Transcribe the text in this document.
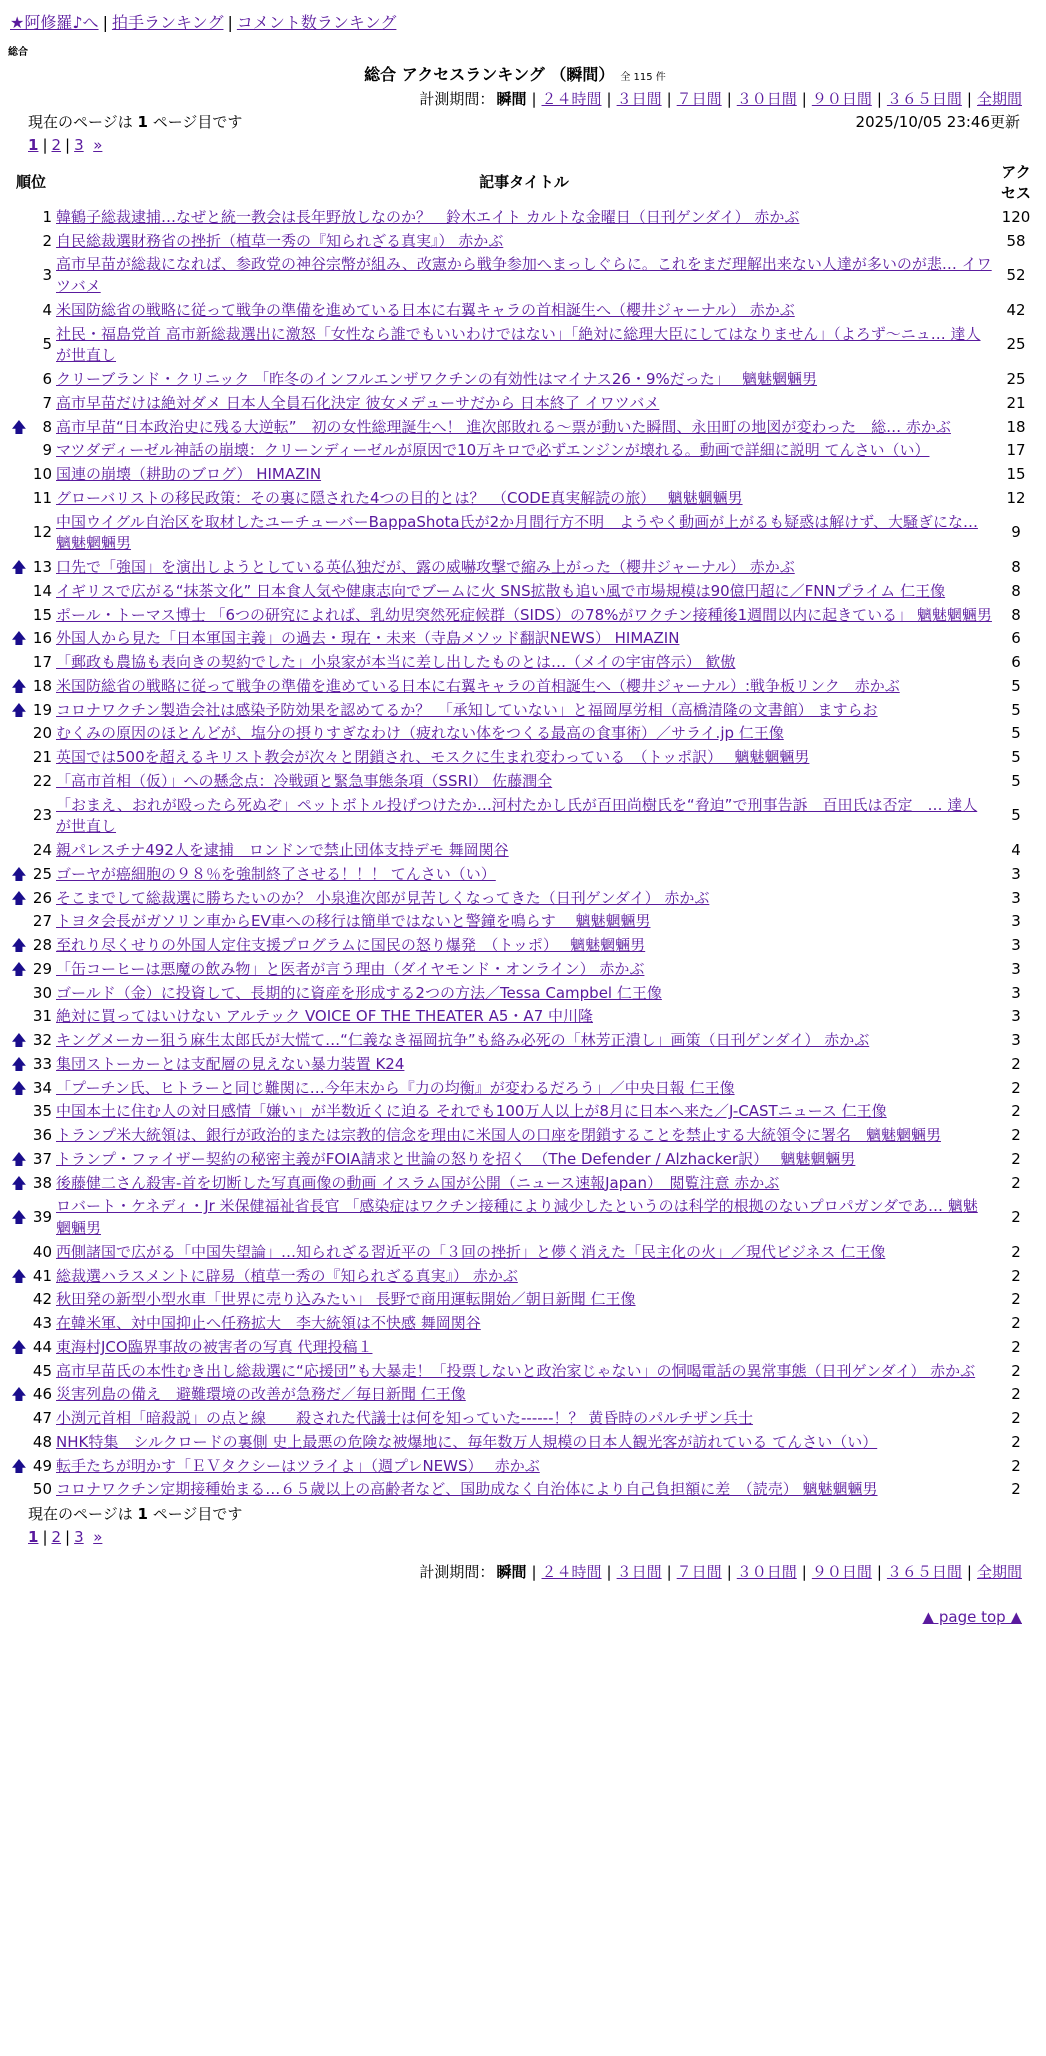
★阿修羅♪へ | 拍手ランキング | コメント数ランキング
総合
総合 アクセスランキング （瞬間） 全 115 件
計測期間： 瞬間 | ２４時間 | ３日間 | ７日間 | ３０日間 | ９０日間 | ３６５日間 | 全期間
現在のページは 1 ページ目です	2025/10/05 23:46更新
1 | 2 | 3 »
順位		記事タイトル	アクセス
	1	韓鶴子総裁逮捕…なぜと統一教会は長年野放しなのか？　鈴木エイト カルトな金曜日（日刊ゲンダイ） 赤かぶ	120
	2	自民総裁選財務省の挫折（植草一秀の『知られざる真実』） 赤かぶ	58
	3	高市早苗が総裁になれば、参政党の神谷宗幣が組み、改憲から戦争参加へまっしぐらに。これをまだ理解出来ない人達が多いのが悲… イワツバメ	52
	4	米国防総省の戦略に従って戦争の準備を進めている日本に右翼キャラの首相誕生へ（櫻井ジャーナル） 赤かぶ	42
	5	社民・福島党首 高市新総裁選出に激怒「女性なら誰でもいいわけではない」「絶対に総理大臣にしてはなりません」（よろず〜ニュ… 達人が世直し	25
	6	クリーブランド・クリニック 「昨冬のインフルエンザワクチンの有効性はマイナス26・9%だった」　 魑魅魍魎男	25
	7	高市早苗だけは絶対ダメ 日本人全員石化決定 彼女メデューサだから 日本終了 イワツバメ	21
🡅	8	高市早苗“日本政治史に残る大逆転”　初の女性総理誕生へ！ 進次郎敗れる〜票が動いた瞬間、永田町の地図が変わった　総… 赤かぶ	18
	9	マツダディーゼル神話の崩壊：クリーンディーゼルが原因で10万キロで必ずエンジンが壊れる。動画で詳細に説明 てんさい（い）	17
	10	国連の崩壊（耕助のブログ） HIMAZIN	15
	11	グローバリストの移民政策：その裏に隠された4つの目的とは？　（CODE真実解読の旅）　 魑魅魍魎男	12
	12	中国ウイグル自治区を取材したユーチューバーBappaShota氏が2か月間行方不明　ようやく動画が上がるも疑惑は解けず、大騒ぎにな… 魑魅魍魎男	9
🡅	13	口先で「強国」を演出しようとしている英仏独だが、露の威嚇攻撃で縮み上がった（櫻井ジャーナル） 赤かぶ	8
	14	イギリスで広がる“抹茶文化” 日本食人気や健康志向でブームに火 SNS拡散も追い風で市場規模は90億円超に／FNNプライム 仁王像	8
	15	ポール・トーマス博士 「6つの研究によれば、乳幼児突然死症候群（SIDS）の78%がワクチン接種後1週間以内に起きている」 魑魅魍魎男	8
🡅	16	外国人から見た「日本軍国主義」の過去・現在・未来（寺島メソッド翻訳NEWS） HIMAZIN	6
	17	「郵政も農協も表向きの契約でした」小泉家が本当に差し出したものとは…（メイの宇宙啓示） 歓傲	6
🡅	18	米国防総省の戦略に従って戦争の準備を進めている日本に右翼キャラの首相誕生へ（櫻井ジャーナル）:戦争板リンク　赤かぶ	5
🡅	19	コロナワクチン製造会社は感染予防効果を認めてるか？　「承知していない」と福岡厚労相（高橋清隆の文書館） ますらお	5
	20	むくみの原因のほとんどが、塩分の摂りすぎなわけ（疲れない体をつくる最高の食事術）／サライ.jp 仁王像	5
	21	英国では500を超えるキリスト教会が次々と閉鎖され、モスクに生まれ変わっている　（トッポ訳）　 魑魅魍魎男	5
	22	「高市首相（仮）」への懸念点：冷戦頭と緊急事態条項（SSRI） 佐藤潤全	5
	23	「おまえ、おれが殴ったら死ぬぞ」ペットボトル投げつけたか…河村たかし氏が百田尚樹氏を“脅迫”で刑事告訴　百田氏は否定　… 達人が世直し	5
	24	親パレスチナ492人を逮捕　ロンドンで禁止団体支持デモ 舞岡関谷	4
🡅	25	ゴーヤが癌細胞の９８％を強制終了させる！！！ てんさい（い）	3
🡅	26	そこまでして総裁選に勝ちたいのか？ 小泉進次郎が見苦しくなってきた（日刊ゲンダイ） 赤かぶ	3
	27	トヨタ会長がガソリン車からEV車への移行は簡単ではないと警鐘を鳴らす　 魑魅魍魎男	3
🡅	28	至れり尽くせりの外国人定住支援プログラムに国民の怒り爆発　（トッポ）　 魑魅魍魎男	3
🡅	29	「缶コーヒーは悪魔の飲み物」と医者が言う理由（ダイヤモンド・オンライン） 赤かぶ	3
	30	ゴールド（金）に投資して、長期的に資産を形成する2つの方法／Tessa Campbel 仁王像	3
	31	絶対に買ってはいけない アルテック VOICE OF THE THEATER A5・A7 中川隆	3
🡅	32	キングメーカー狙う麻生太郎氏が大慌て…“仁義なき福岡抗争”も絡み必死の「林芳正潰し」画策（日刊ゲンダイ） 赤かぶ	3
🡅	33	集団ストーカーとは支配層の見えない暴力装置 K24	2
🡅	34	「プーチン氏、ヒトラーと同じ難関に…今年末から『力の均衡』が変わるだろう」／中央日報 仁王像	2
	35	中国本土に住む人の対日感情「嫌い」が半数近くに迫る それでも100万人以上が8月に日本へ来た／J-CASTニュース 仁王像	2
	36	トランプ米大統領は、銀行が政治的または宗教的信念を理由に米国人の口座を閉鎖することを禁止する大統領令に署名　魑魅魍魎男	2
🡅	37	トランプ・ファイザー契約の秘密主義がFOIA請求と世論の怒りを招く　（The Defender / Alzhacker訳）　 魑魅魍魎男	2
🡅	38	後藤健二さん殺害-首を切断した写真画像の動画 イスラム国が公開（ニュース速報Japan）　閲覧注意 赤かぶ	2
🡅	39	ロバート・ケネディ・Jr 米保健福祉省長官 「感染症はワクチン接種により減少したというのは科学的根拠のないプロパガンダであ… 魑魅魍魎男	2
	40	西側諸国で広がる「中国失望論」…知られざる習近平の「３回の挫折」と儚く消えた「民主化の火」／現代ビジネス 仁王像	2
🡅	41	総裁選ハラスメントに辟易（植草一秀の『知られざる真実』） 赤かぶ	2
	42	秋田発の新型小型水車「世界に売り込みたい」 長野で商用運転開始／朝日新聞 仁王像	2
	43	在韓米軍、対中国抑止へ任務拡大　李大統領は不快感 舞岡関谷	2
🡅	44	東海村JCO臨界事故の被害者の写真 代理投稿１	2
	45	高市早苗氏の本性むき出し総裁選に“応援団”も大暴走！「投票しないと政治家じゃない」の恫喝電話の異常事態（日刊ゲンダイ） 赤かぶ	2
🡅	46	災害列島の備え　避難環境の改善が急務だ／毎日新聞 仁王像	2
	47	小渕元首相「暗殺説」の点と線　　殺された代議士は何を知っていた------！？ 黄昏時のパルチザン兵士	2
	48	NHK特集　シルクロードの裏側 史上最悪の危険な被爆地に、毎年数万人規模の日本人観光客が訪れている てんさい（い）	2
🡅	49	転手たちが明かす「ＥＶタクシーはツライよ」（週プレNEWS）　 赤かぶ	2
	50	コロナワクチン定期接種始まる…６５歳以上の高齢者など、国助成なく自治体により自己負担額に差　（読売） 魑魅魍魎男	2
現在のページは 1 ページ目です
1 | 2 | 3 »
計測期間： 瞬間 | ２４時間 | ３日間 | ７日間 | ３０日間 | ９０日間 | ３６５日間 | 全期間
▲ page top ▲
